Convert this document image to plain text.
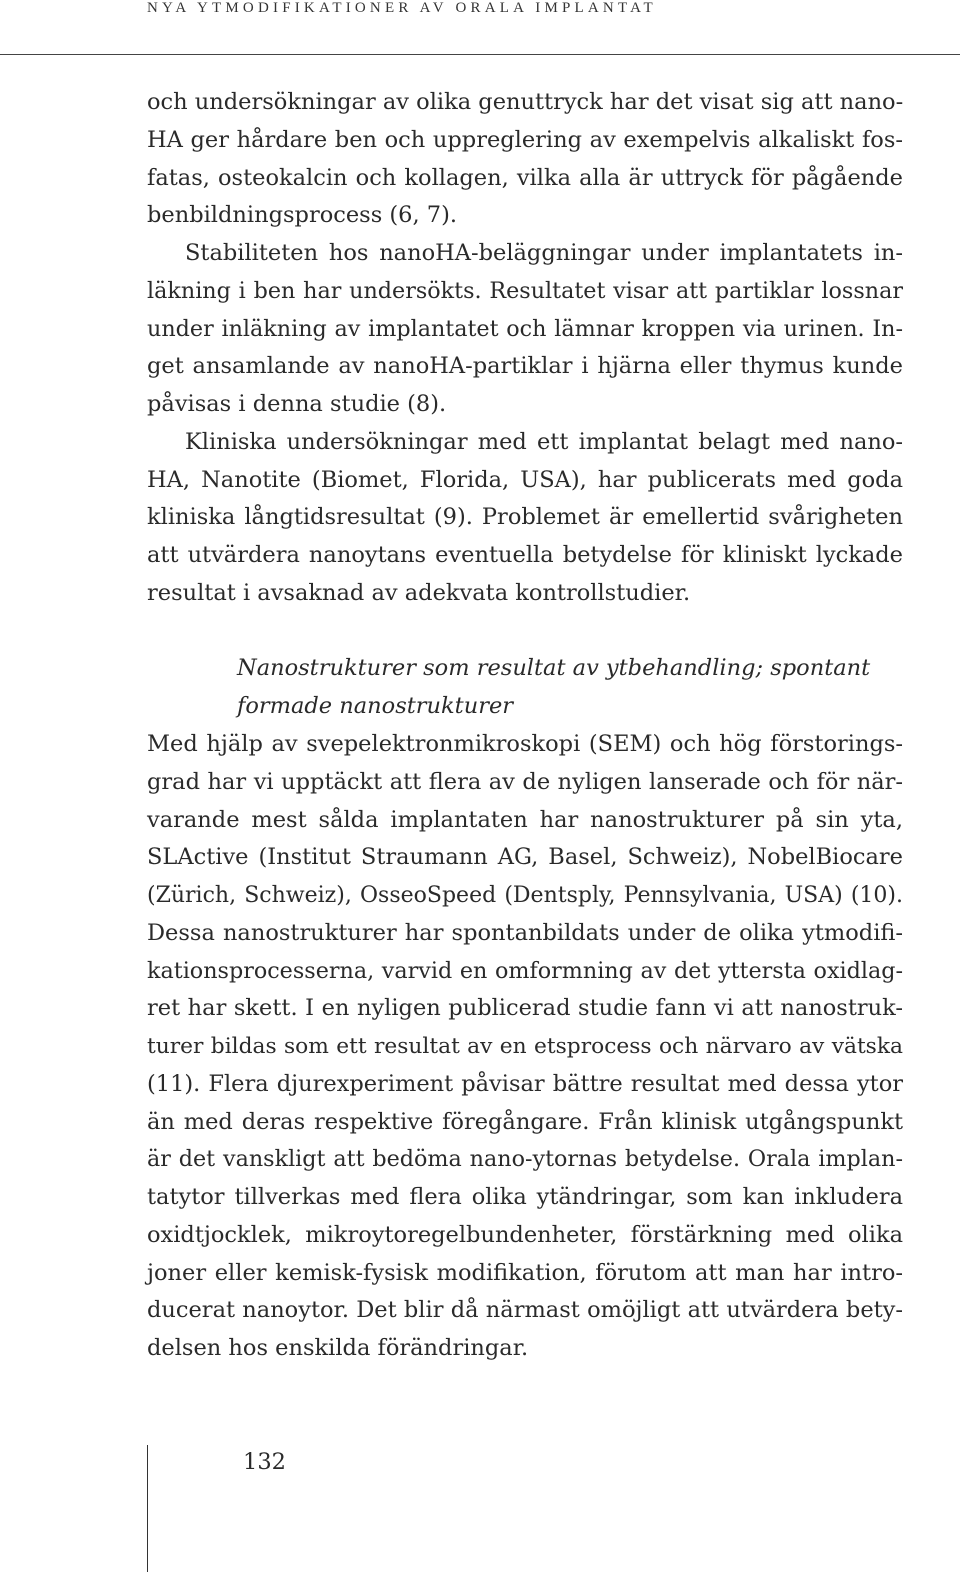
NYA YTMODIFIKATIONER AV ORALA IMPLANTAT
och undersökningar av olika genuttryck har det visat sig att nano-
HA ger hårdare ben och uppreglering av exempelvis alkaliskt fos-
fatas, osteokalcin och kollagen, vilka alla är uttryck för pågående
benbildningsprocess (6, 7).
Stabiliteten hos nanoHA-beläggningar under implantatets in-
läkning i ben har undersökts. Resultatet visar att partiklar lossnar
under inläkning av implantatet och lämnar kroppen via urinen. In-
get ansamlande av nanoHA-partiklar i hjärna eller thymus kunde
påvisas i denna studie (8).
Kliniska undersökningar med ett implantat belagt med nano-
HA, Nanotite (Biomet, Florida, USA), har publicerats med goda
kliniska långtidsresultat (9). Problemet är emellertid svårigheten
att utvärdera nanoytans eventuella betydelse för kliniskt lyckade
resultat i avsaknad av adekvata kontrollstudier.
Nanostrukturer som resultat av ytbehandling; spontant
formade nanostrukturer
Med hjälp av svepelektronmikroskopi (SEM) och hög förstorings-
grad har vi upptäckt att flera av de nyligen lanserade och för när-
varande mest sålda implantaten har nanostrukturer på sin yta,
SLActive (Institut Straumann AG, Basel, Schweiz), NobelBiocare
(Zürich, Schweiz), OsseoSpeed (Dentsply, Pennsylvania, USA) (10).
Dessa nanostrukturer har spontanbildats under de olika ytmodifi-
kationsprocesserna, varvid en omformning av det yttersta oxidlag-
ret har skett. I en nyligen publicerad studie fann vi att nanostruk-
turer bildas som ett resultat av en etsprocess och närvaro av vätska
(11). Flera djurexperiment påvisar bättre resultat med dessa ytor
än med deras respektive föregångare. Från klinisk utgångspunkt
är det vanskligt att bedöma nano-ytornas betydelse. Orala implan-
tatytor tillverkas med flera olika ytändringar, som kan inkludera
oxidtjocklek, mikroytoregelbundenheter, förstärkning med olika
joner eller kemisk-fysisk modifikation, förutom att man har intro-
ducerat nanoytor. Det blir då närmast omöjligt att utvärdera bety-
delsen hos enskilda förändringar.
132
